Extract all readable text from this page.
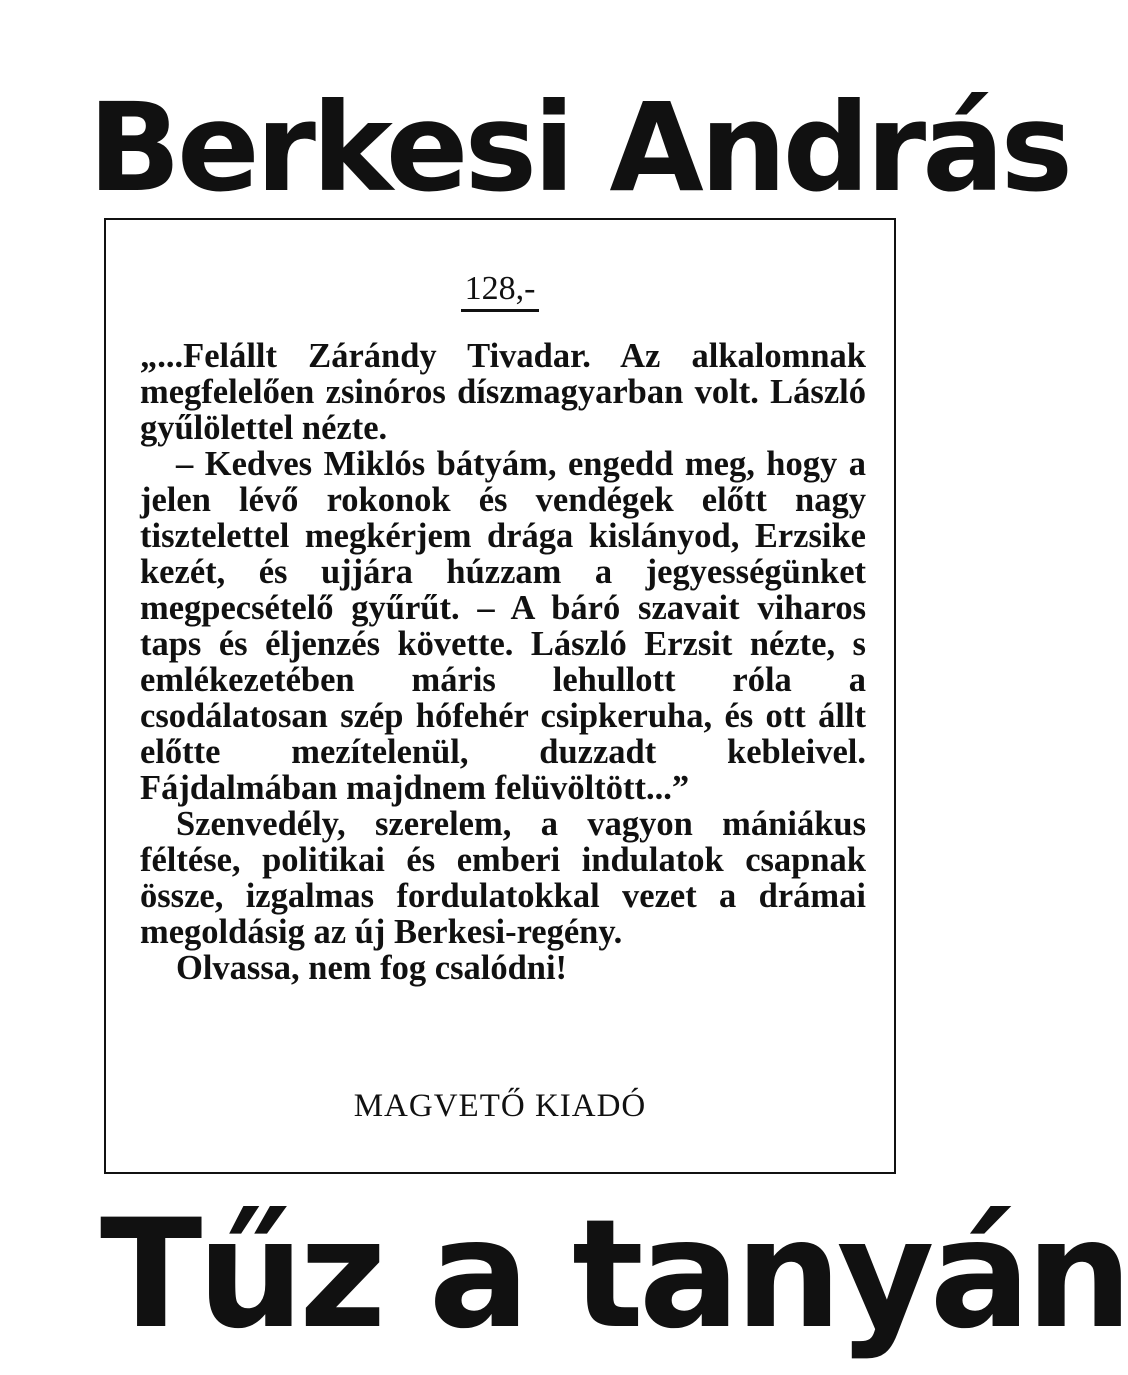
Berkesi András
128,-

„...Felállt Zárándy Tivadar. Az alkalomnak megfelelően zsinóros díszmagyarban volt. László gyűlölettel nézte.

– Kedves Miklós bátyám, engedd meg, hogy a jelen lévő rokonok és vendégek előtt nagy tisztelettel megkérjem drága kislányod, Erzsike kezét, és ujjára húzzam a jegyességünket megpecsételő gyűrűt. – A báró szavait viharos taps és éljenzés követte. László Erzsit nézte, s emlékezetében máris lehullott róla a csodálatosan szép hófehér csipkeruha, és ott állt előtte mezítelenül, duzzadt kebleivel. Fájdalmában majdnem felüvöltött...”

Szenvedély, szerelem, a vagyon mániákus féltése, politikai és emberi indulatok csapnak össze, izgalmas fordulatokkal vezet a drámai megoldásig az új Berkesi-regény.

Olvassa, nem fog csalódni!

MAGVETŐ KIADÓ
Tűz a tanyán
